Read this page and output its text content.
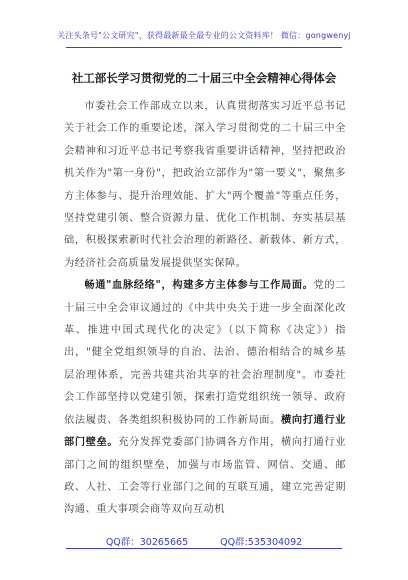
关注头条号"公文研究"，获得最新最全最专业的公文资料库！ 微信：gongwenyj
社工部长学习贯彻党的二十届三中全会精神心得体会

市委社会工作部成立以来，认真贯彻落实习近平总书记关于社会工作的重要论述，深入学习贯彻党的二十届三中全会精神和习近平总书记考察我省重要讲话精神，坚持把政治机关作为"第一身份"，把政治立部作为"第一要义"，聚焦多方主体参与、提升治理效能、扩大"两个覆盖"等重点任务，坚持党建引领、整合资源力量、优化工作机制、夯实基层基础，积极探索新时代社会治理的新路径、新载体、新方式，为经济社会高质量发展提供坚实保障。

畅通"血脉经络"，构建多方主体参与工作局面。党的二十届三中全会审议通过的《中共中央关于进一步全面深化改革、推进中国式现代化的决定》（以下简称《决定》）指出，"健全党组织领导的自治、法治、德治相结合的城乡基层治理体系，完善共建共治共享的社会治理制度"。市委社会工作部坚持以党建引领，探索打造党组织统一领导、政府依法履责、各类组织积极协同的工作新局面。横向打通行业部门壁垒。充分发挥党委部门协调各方作用，横向打通行业部门之间的组织壁垒，加强与市场监管、网信、交通、邮政、人社、工会等行业部门之间的互联互通，建立完善定期沟通、重大事项会商等双向互动机

QQ群：30265665	QQ群:535304092
